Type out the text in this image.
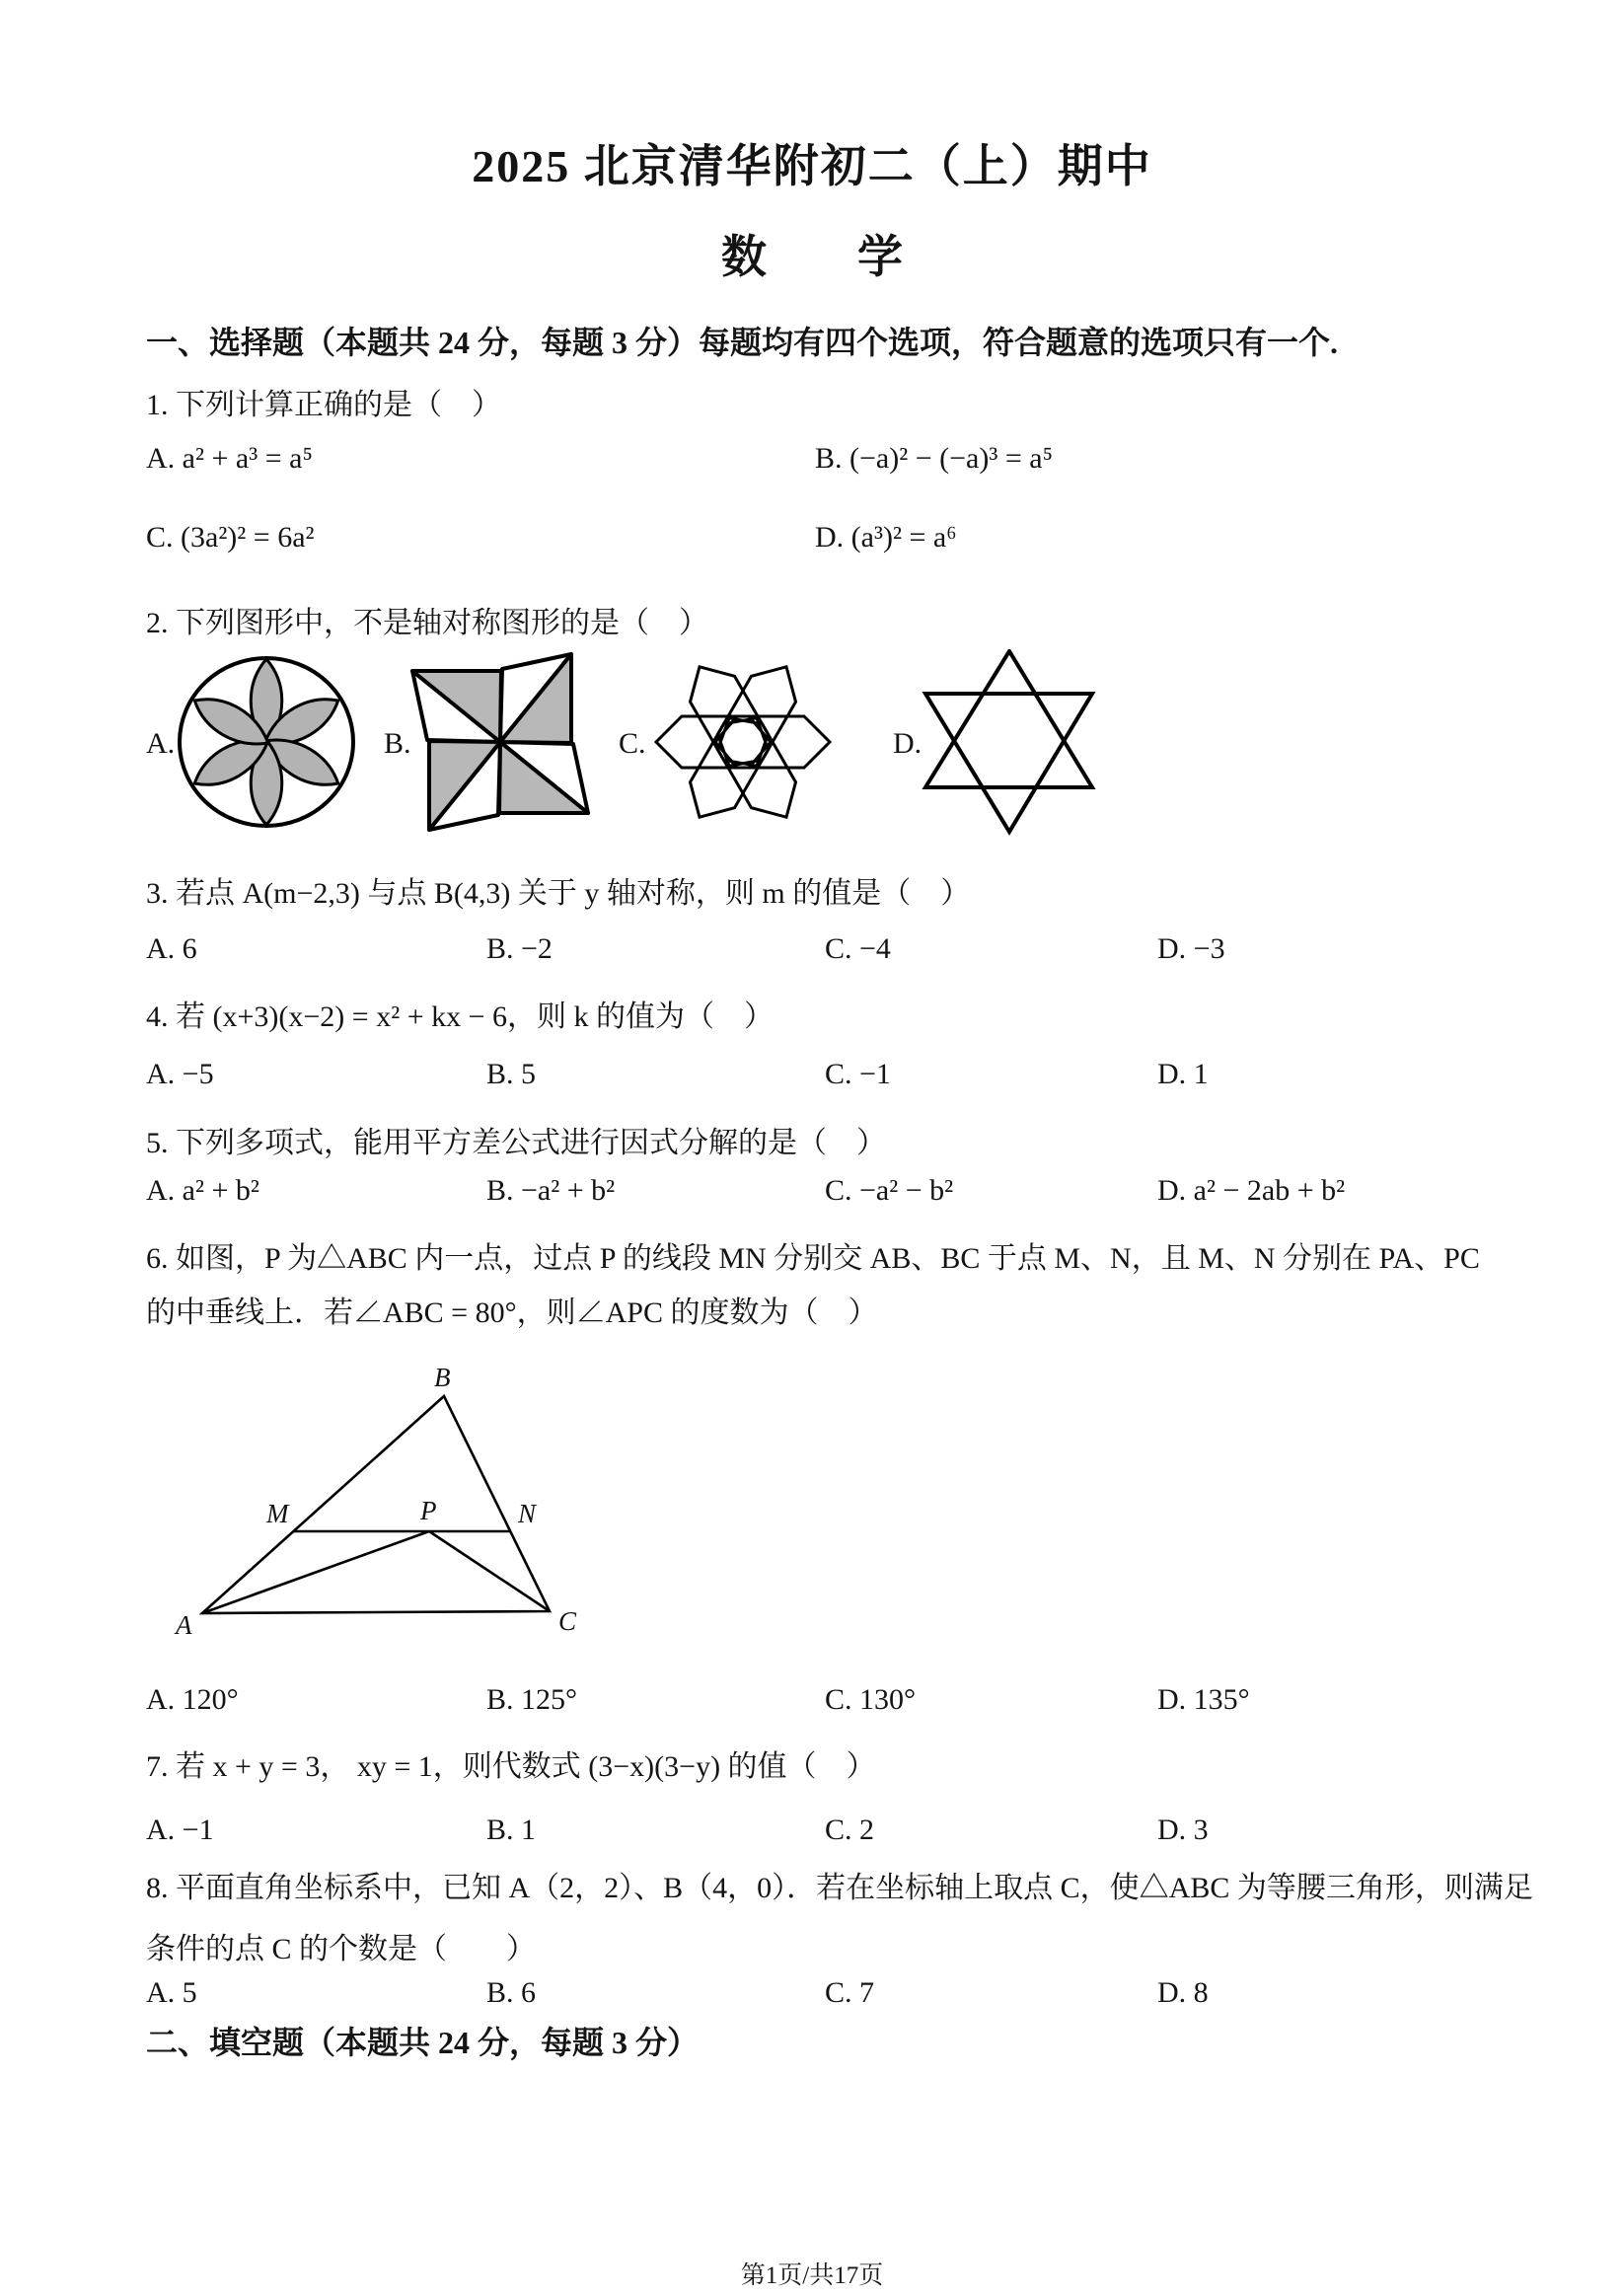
2025 北京清华附初二（上）期中
数　　学
一、选择题（本题共 24 分，每题 3 分）每题均有四个选项，符合题意的选项只有一个.
1. 下列计算正确的是（　）
A. a² + a³ = a⁵	B. (−a)² − (−a)³ = a⁵
C. (3a²)² = 6a²	D. (a³)² = a⁶
2. 下列图形中，不是轴对称图形的是（　）
A.	B.	C.	D.
3. 若点 A(m−2,3) 与点 B(4,3) 关于 y 轴对称，则 m 的值是（　）
A. 6	B. −2	C. −4	D. −3
4. 若 (x+3)(x−2) = x² + kx − 6，则 k 的值为（　）
A. −5	B. 5	C. −1	D. 1
5. 下列多项式，能用平方差公式进行因式分解的是（　）
A. a² + b²	B. −a² + b²	C. −a² − b²	D. a² − 2ab + b²
6. 如图，P 为△ABC 内一点，过点 P 的线段 MN 分别交 AB、BC 于点 M、N，且 M、N 分别在 PA、PC
的中垂线上．若∠ABC = 80°，则∠APC 的度数为（　）
B
M	P	N
A	C
A. 120°	B. 125°	C. 130°	D. 135°
7. 若 x + y = 3， xy = 1，则代数式 (3−x)(3−y) 的值（　）
A. −1	B. 1	C. 2	D. 3
8. 平面直角坐标系中，已知 A（2，2）、B（4，0）．若在坐标轴上取点 C，使△ABC 为等腰三角形，则满足
条件的点 C 的个数是（　　）
A. 5	B. 6	C. 7	D. 8
二、填空题（本题共 24 分，每题 3 分）
第1页/共17页
